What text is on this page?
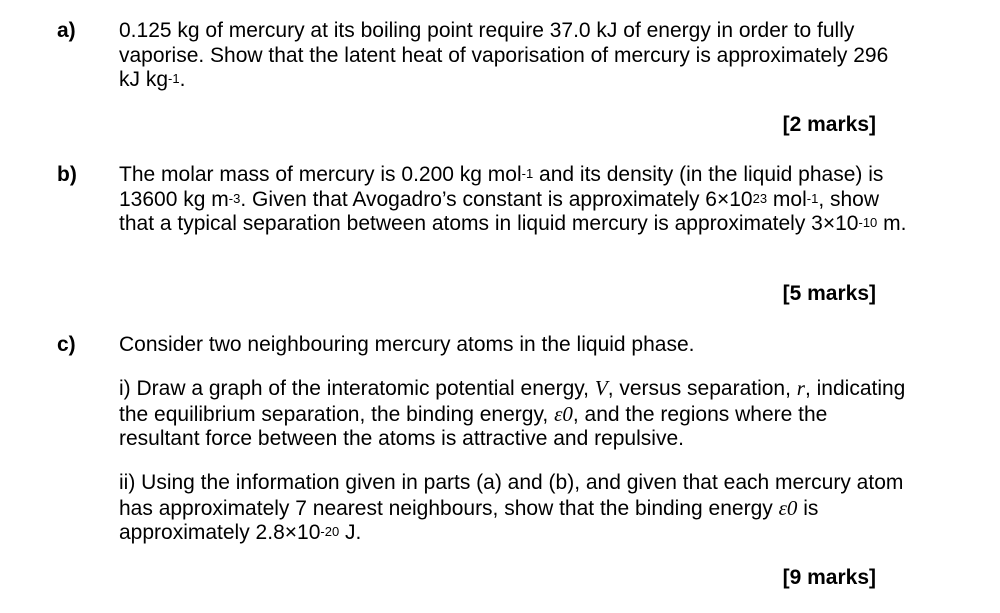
a) 0.125 kg of mercury at its boiling point require 37.0 kJ of energy in order to fully vaporise. Show that the latent heat of vaporisation of mercury is approximately 296 kJ $kg^{-1}$.
[2 marks]
b) The molar mass of mercury is 0.200 kg mol$^{-1}$ and its density (in the liquid phase) is 13600 kg $m^{-3}$. Given that Avogadro’s constant is approximately $6\times 10^{23}$ mol$^{-1}$, show that a typical separation between atoms in liquid mercury is approximately $3\times 10^{-10}$ m.
[5 marks]
c) Consider two neighbouring mercury atoms in the liquid phase.
i) Draw a graph of the interatomic potential energy, V, versus separation, r, indicating the equilibrium separation, the binding energy, ε0, and the regions where the resultant force between the atoms is attractive and repulsive.
ii) Using the information given in parts (a) and (b), and given that each mercury atom has approximately 7 nearest neighbours, show that the binding energy ε0 is approximately $2.8\times 10^{-20}$ J.
[9 marks]
